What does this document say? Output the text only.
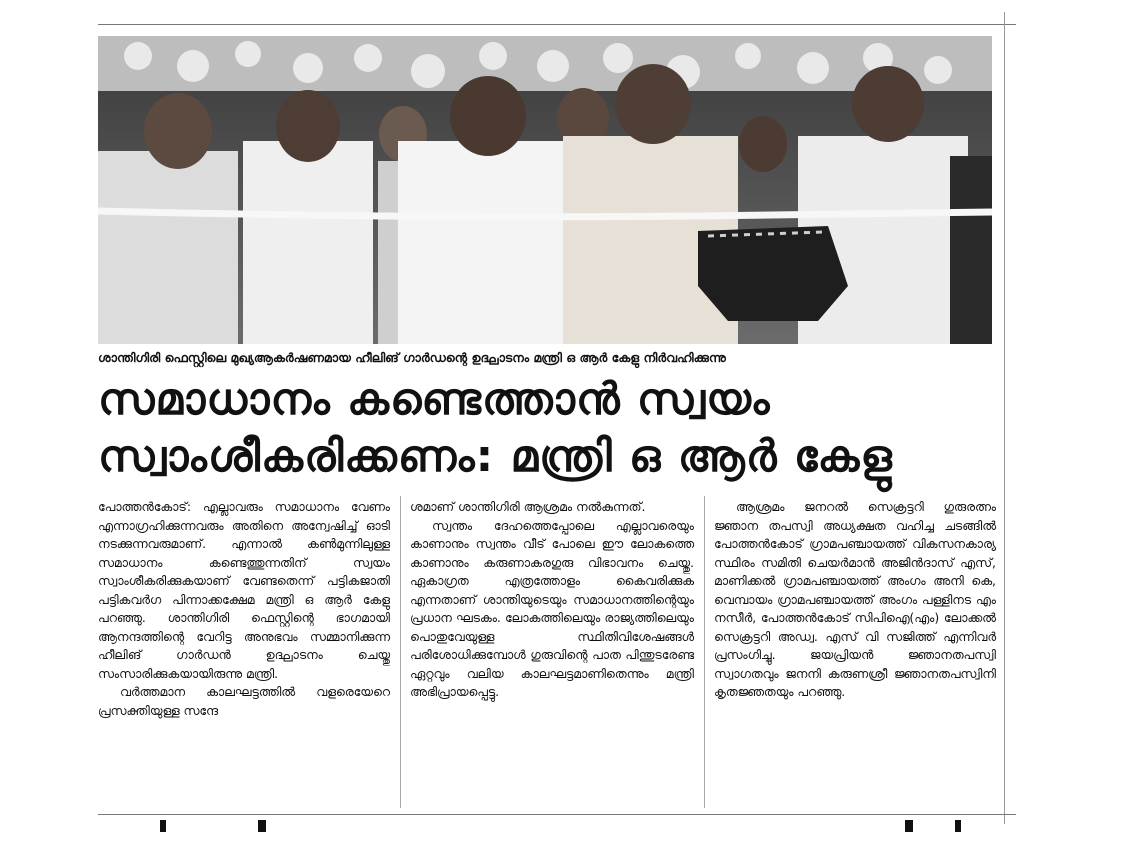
ശാന്തിഗിരി ഫെസ്റ്റിലെ മുഖ്യആകർഷണമായ ഹീലിങ് ഗാർഡന്റെ ഉദ്ഘാടനം മന്ത്രി ഒ ആർ കേളു നിർവഹിക്കുന്നു
സമാധാനം കണ്ടെത്താൻ സ്വയം
സ്വാംശീകരിക്കണം: മന്ത്രി ഒ ആർ കേളു

പോത്തൻകോട്: എല്ലാവരും സമാധാനം വേണം എന്നാഗ്രഹിക്കുന്നവരും അതിനെ അന്വേഷിച്ച് ഓടി നടക്കുന്നവരുമാണ്. എന്നാൽ കൺമുന്നിലുള്ള സമാധാനം കണ്ടെത്തുന്നതിന് സ്വയം സ്വാംശീകരിക്കുകയാണ് വേണ്ടതെന്ന് പട്ടികജാതി പട്ടികവർഗ പിന്നാക്കക്ഷേമ മന്ത്രി ഒ ആർ കേളു പറഞ്ഞു. ശാന്തിഗിരി ഫെസ്റ്റിന്റെ ഭാഗമായി ആനന്ദത്തിന്റെ വേറിട്ട അനുഭവം സമ്മാനിക്കുന്ന ഹീലിങ് ഗാർഡൻ ഉദ്ഘാടനം ചെയ്തു സംസാരിക്കുകയായിരുന്നു മന്ത്രി.

വർത്തമാന കാലഘട്ടത്തിൽ വളരെയേറെ പ്രസക്തിയുള്ള സന്ദേ

ശമാണ് ശാന്തിഗിരി ആശ്രമം നൽകുന്നത്.

സ്വന്തം ദേഹത്തെപ്പോലെ എല്ലാവരെയും കാണാനും സ്വന്തം വീട് പോലെ ഈ ലോകത്തെ കാണാനും കരുണാകരഗുരു വിഭാവനം ചെയ്തു. ഏകാഗ്രത എത്രത്തോളം കൈവരിക്കുക എന്നതാണ് ശാന്തിയുടെയും സമാധാനത്തിന്റെയും പ്രധാന ഘടകം. ലോകത്തിലെയും രാജ്യത്തിലെയും പൊതുവേയുള്ള സ്ഥിതിവിശേഷങ്ങൾ പരിശോധിക്കുമ്പോൾ ഗുരുവിന്റെ പാത പിന്തുടരേണ്ട ഏറ്റവും വലിയ കാലഘട്ടമാണിതെന്നും മന്ത്രി അഭിപ്രായപ്പെട്ടു.

ആശ്രമം ജനറൽ സെക്രട്ടറി ഗുരുരത്നം ജ്ഞാന തപസ്വി അധ്യക്ഷത വഹിച്ച ചടങ്ങിൽ പോത്തൻകോട് ഗ്രാമപഞ്ചായത്ത് വികസനകാര്യ സ്ഥിരം സമിതി ചെയർമാൻ അജിൻദാസ് എസ്, മാണിക്കൽ ഗ്രാമപഞ്ചായത്ത് അംഗം അനി കെ, വെമ്പായം ഗ്രാമപഞ്ചായത്ത് അംഗം പള്ളിനട എം നസീർ, പോത്തൻകോട് സിപിഐ(എം) ലോക്കൽ സെക്രട്ടറി അഡ്വ. എസ് വി സജിത്ത് എന്നിവർ പ്രസംഗിച്ചു. ജയപ്രിയൻ ജ്ഞാനതപസ്വി സ്വാഗതവും ജനനി കരുണശ്രീ ജ്ഞാനതപസ്വിനി കൃതജ്ഞതയും പറഞ്ഞു.
